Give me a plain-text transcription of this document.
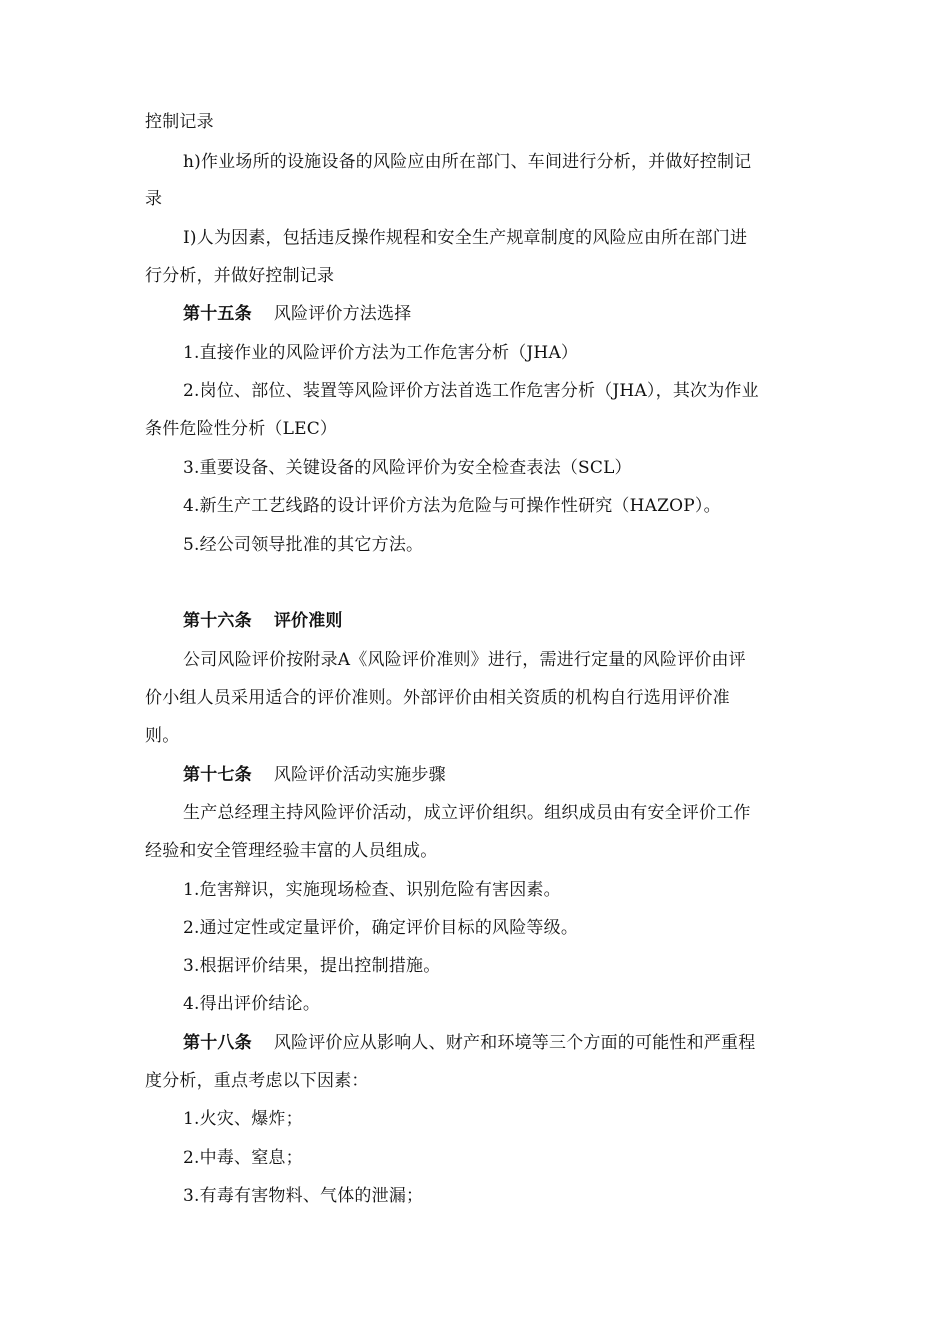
控制记录
h)作业场所的设施设备的风险应由所在部门、车间进行分析，并做好控制记
录
I)人为因素，包括违反操作规程和安全生产规章制度的风险应由所在部门进
行分析，并做好控制记录
第十五条 风险评价方法选择
1.直接作业的风险评价方法为工作危害分析（JHA）
2.岗位、部位、装置等风险评价方法首选工作危害分析（JHA），其次为作业
条件危险性分析（LEC）
3.重要设备、关键设备的风险评价为安全检查表法（SCL）
4.新生产工艺线路的设计评价方法为危险与可操作性研究（HAZOP）。
5.经公司领导批准的其它方法。
第十六条 评价准则
公司风险评价按附录A《风险评价准则》进行，需进行定量的风险评价由评
价小组人员采用适合的评价准则。外部评价由相关资质的机构自行选用评价准
则。
第十七条 风险评价活动实施步骤
生产总经理主持风险评价活动，成立评价组织。组织成员由有安全评价工作
经验和安全管理经验丰富的人员组成。
1.危害辩识，实施现场检查、识别危险有害因素。
2.通过定性或定量评价，确定评价目标的风险等级。
3.根据评价结果，提出控制措施。
4.得出评价结论。
第十八条 风险评价应从影响人、财产和环境等三个方面的可能性和严重程
度分析，重点考虑以下因素：
1.火灾、爆炸；
2.中毒、窒息；
3.有毒有害物料、气体的泄漏；
